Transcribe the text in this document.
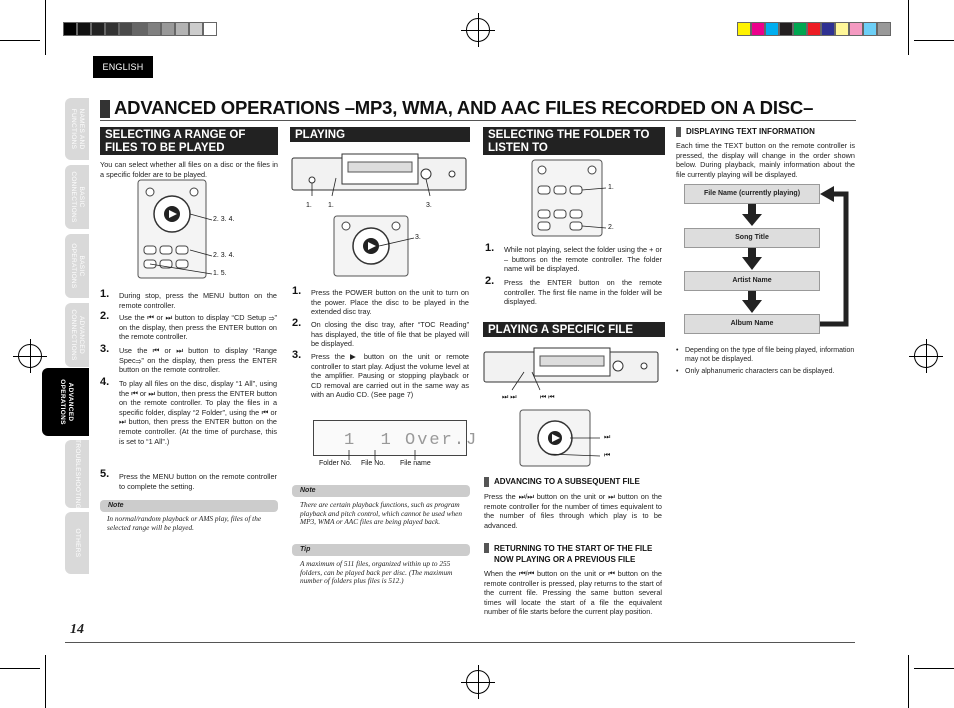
ENGLISH
NAMES AND
FUNCTIONS
BASIC
CONNECTIONS
BASIC
OPERATIONS
ADVANCED
CONNECTIONS
ADVANCED
OPERATIONS
TROUBLESHOOTING
OTHERS
ADVANCED OPERATIONS –MP3, WMA, AND AAC FILES RECORDED ON A DISC–
SELECTING A RANGE OF FILES TO BE PLAYED
You can select whether all files on a disc or the files in a specific folder are to be played.
2. 3. 4.
2. 3. 4.
1. 5.
1. During stop, press the MENU button on the remote controller.
2. Use the ⏮ or ⏭ button to display “CD Setup ⇒” on the display, then press the ENTER button on the remote controller.
3. Use the ⏮ or ⏭ button to display “Range Spec⇒” on the display, then press the ENTER button on the remote controller.
4. To play all files on the disc, display “1 All”, using the ⏮ or ⏭ button, then press the ENTER button on the remote controller. To play the files in a specific folder, display “2 Folder”, using the ⏮ or ⏭ button, then press the ENTER button on the remote controller. (At the time of purchase, this is set to “1 All”.)
5. Press the MENU button on the remote controller to complete the setting.
Note
In normal/random playback or AMS play, files of the selected range will be played.
PLAYING
1. 1.	3.
3.
1. Press the POWER button on the unit to turn on the power. Place the disc to be played in the extended disc tray.
2. On closing the disc tray, after “TOC Reading” has displayed, the title of file that be played will be displayed.
3. Press the ▶ button on the unit or remote controller to start play. Adjust the volume level at the amplifier. Pausing or stopping playback or CD removal are carried out in the same way as with an Audio CD. (See page 7)
1  1 Over.J
Folder No. File No. File name
Note
There are certain playback functions, such as program playback and pitch control, which cannot be used when MP3, WMA or AAC files are being played back.
Tip
A maximum of 511 files, organized within up to 255 folders, can be played back per disc. (The maximum number of folders plus files is 512.)
SELECTING THE FOLDER TO LISTEN TO
1.
2.
1. While not playing, select the folder using the + or – buttons on the remote controller. The folder name will be displayed.
2. Press the ENTER button on the remote controller. The first file name in the folder will be displayed.
PLAYING A SPECIFIC FILE
⏭ ⏭	⏮ ⏮
⏭
⏮
ADVANCING TO A SUBSEQUENT FILE
Press the ⏭/⏭ button on the unit or ⏭ button on the remote controller for the number of times equivalent to the number of files through which play is to be advanced.
RETURNING TO THE START OF THE FILE NOW PLAYING OR A PREVIOUS FILE
When the ⏮/⏮ button on the unit or ⏮ button on the remote controller is pressed, play returns to the start of the current file. Pressing the same button several times will locate the start of a file the equivalent number of file starts before the current play position.
DISPLAYING TEXT INFORMATION
Each time the TEXT button on the remote controller is pressed, the display will change in the order shown below. During playback, mainly information about the file currently playing will be displayed.
File Name (currently playing)
Song Title
Artist Name
Album Name
• Depending on the type of file being played, information may not be displayed.
• Only alphanumeric characters can be displayed.
14
